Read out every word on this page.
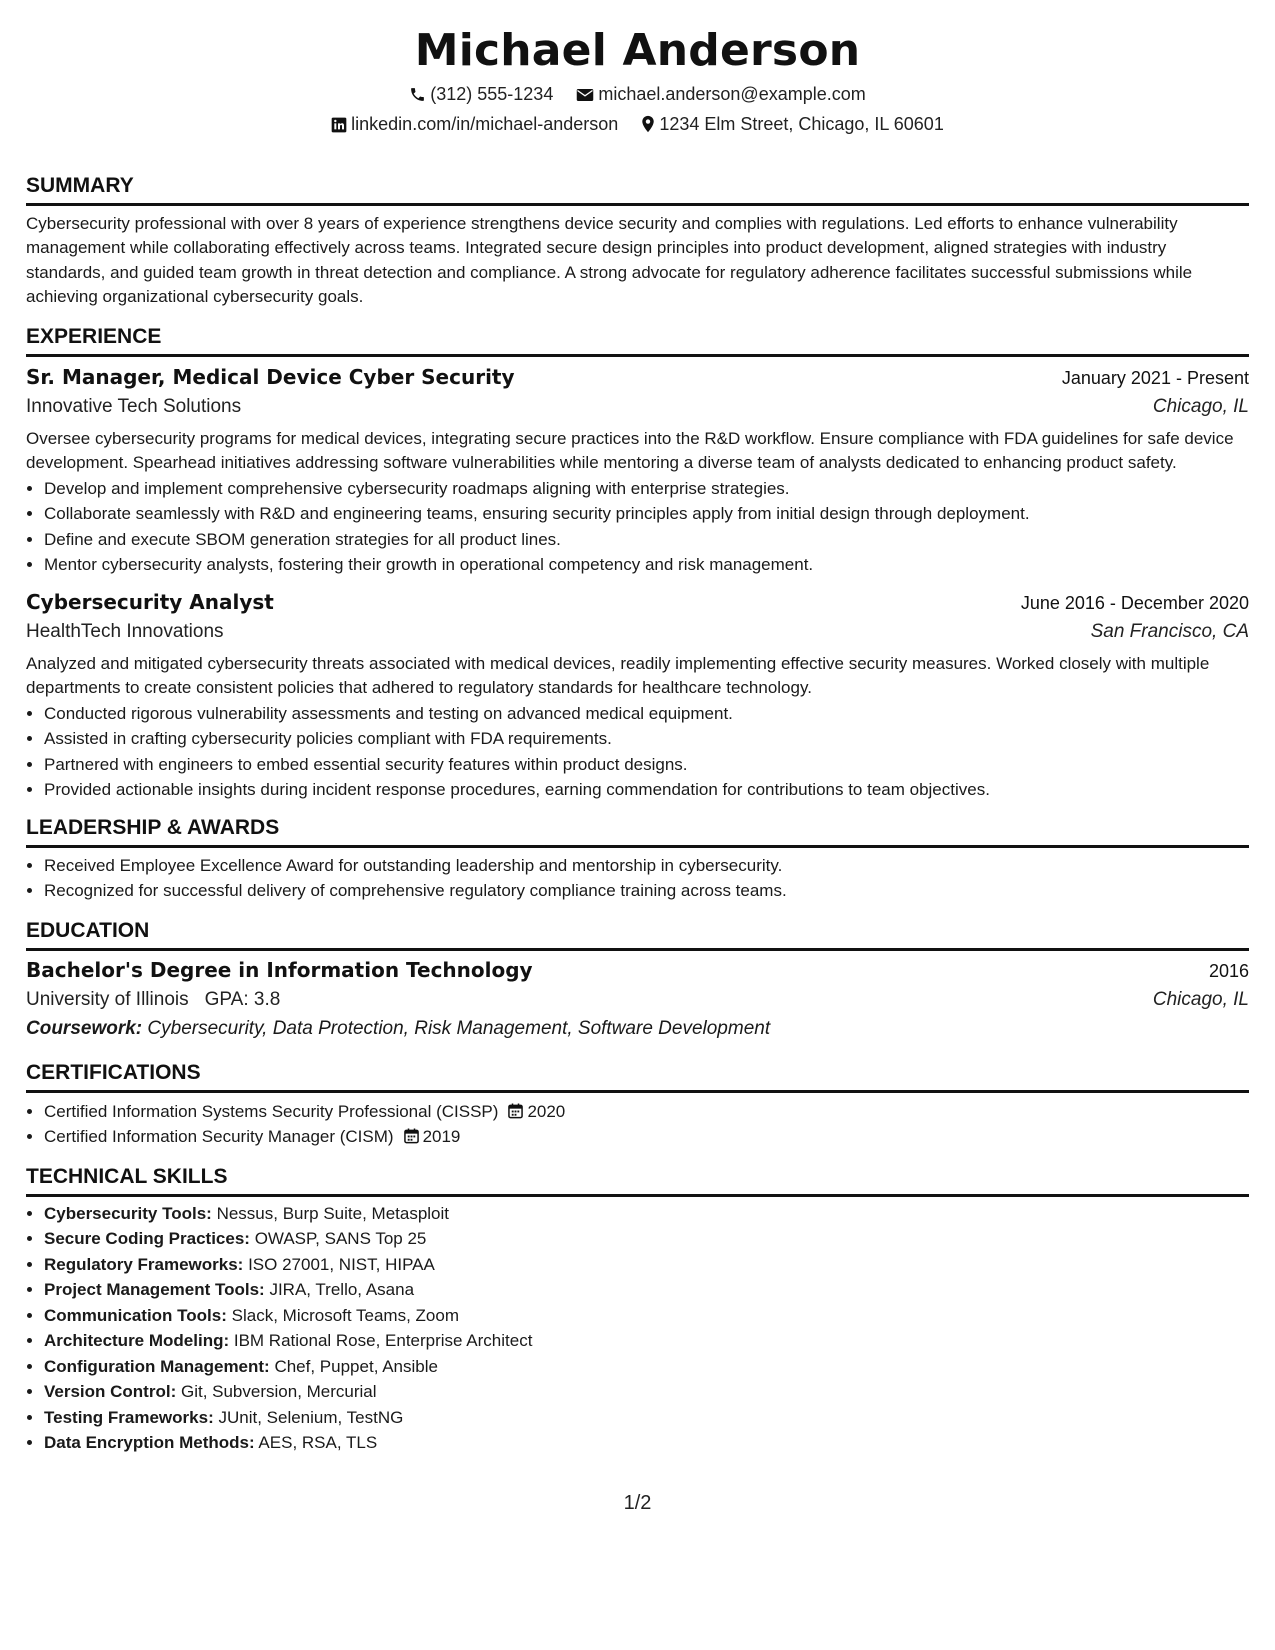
Michael Anderson
(312) 555-1234	michael.anderson@example.com
linkedin.com/in/michael-anderson 1234 Elm Street, Chicago, IL 60601
SUMMARY

Cybersecurity professional with over 8 years of experience strengthens device security and complies with regulations. Led efforts to enhance vulnerability management while collaborating effectively across teams. Integrated secure design principles into product development, aligned strategies with industry standards, and guided team growth in threat detection and compliance. A strong advocate for regulatory adherence facilitates successful submissions while achieving organizational cybersecurity goals.

EXPERIENCE
Sr. Manager, Medical Device Cyber Security	January 2021 - Present
Innovative Tech Solutions	Chicago, IL

Oversee cybersecurity programs for medical devices, integrating secure practices into the R&D workflow. Ensure compliance with FDA guidelines for safe device development. Spearhead initiatives addressing software vulnerabilities while mentoring a diverse team of analysts dedicated to enhancing product safety.

• Develop and implement comprehensive cybersecurity roadmaps aligning with enterprise strategies.
• Collaborate seamlessly with R&D and engineering teams, ensuring security principles apply from initial design through deployment.
• Define and execute SBOM generation strategies for all product lines.
• Mentor cybersecurity analysts, fostering their growth in operational competency and risk management.
Cybersecurity Analyst	June 2016 - December 2020
HealthTech Innovations	San Francisco, CA

Analyzed and mitigated cybersecurity threats associated with medical devices, readily implementing effective security measures. Worked closely with multiple departments to create consistent policies that adhered to regulatory standards for healthcare technology.

• Conducted rigorous vulnerability assessments and testing on advanced medical equipment.
• Assisted in crafting cybersecurity policies compliant with FDA requirements.
• Partnered with engineers to embed essential security features within product designs.
• Provided actionable insights during incident response procedures, earning commendation for contributions to team objectives.
LEADERSHIP & AWARDS
• Received Employee Excellence Award for outstanding leadership and mentorship in cybersecurity.
• Recognized for successful delivery of comprehensive regulatory compliance training across teams.
EDUCATION
Bachelor's Degree in Information Technology	2016
University of Illinois GPA: 3.8	Chicago, IL
Coursework: Cybersecurity, Data Protection, Risk Management, Software Development
CERTIFICATIONS
• Certified Information Systems Security Professional (CISSP) 2020
• Certified Information Security Manager (CISM) 2019
TECHNICAL SKILLS
• Cybersecurity Tools: Nessus, Burp Suite, Metasploit
• Secure Coding Practices: OWASP, SANS Top 25
• Regulatory Frameworks: ISO 27001, NIST, HIPAA
• Project Management Tools: JIRA, Trello, Asana
• Communication Tools: Slack, Microsoft Teams, Zoom
• Architecture Modeling: IBM Rational Rose, Enterprise Architect
• Configuration Management: Chef, Puppet, Ansible
• Version Control: Git, Subversion, Mercurial
• Testing Frameworks: JUnit, Selenium, TestNG
• Data Encryption Methods: AES, RSA, TLS
1/2
